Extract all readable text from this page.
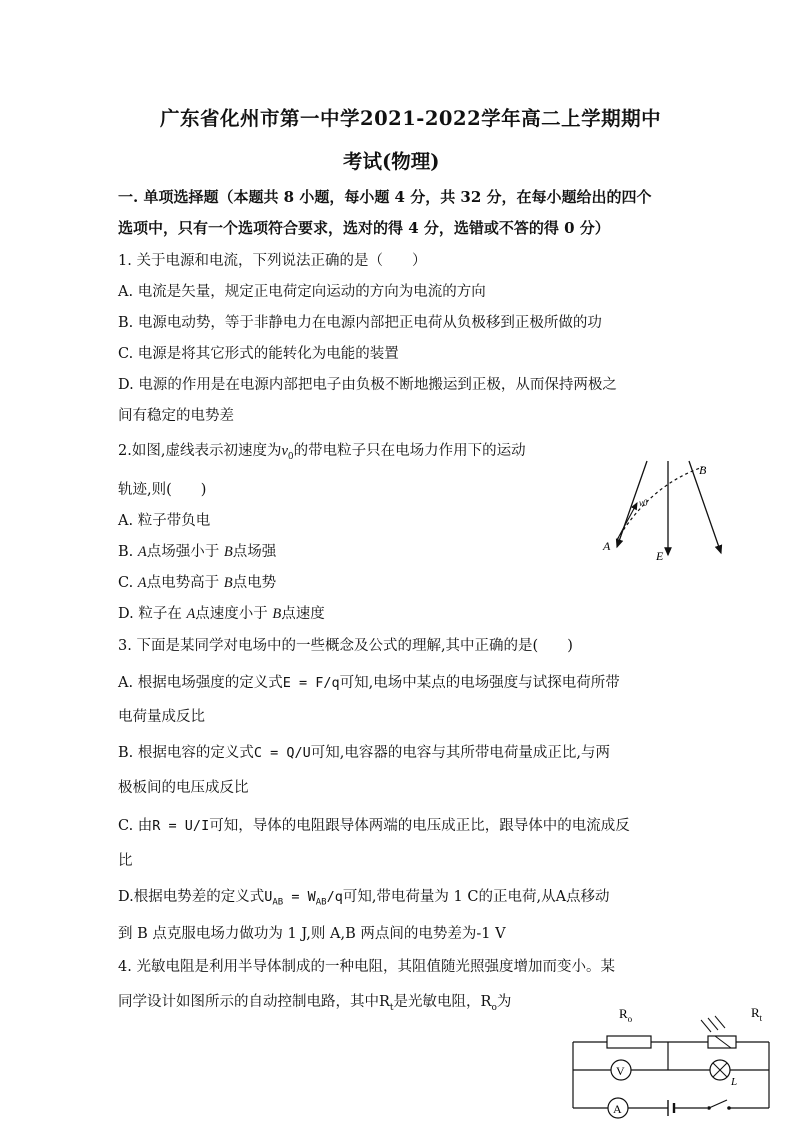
广东省化州市第一中学2021-2022学年高二上学期期中
考试(物理)
一. 单项选择题（本题共 8 小题，每小题 4 分，共 32 分，在每小题给出的四个
选项中，只有一个选项符合要求，选对的得 4 分，选错或不答的得 0 分）
1. 关于电源和电流，下列说法正确的是（　　）
A. 电流是矢量，规定正电荷定向运动的方向为电流的方向
B. 电源电动势，等于非静电力在电源内部把正电荷从负极移到正极所做的功
C. 电源是将其它形式的能转化为电能的装置
D. 电源的作用是在电源内部把电子由负极不断地搬运到正极，从而保持两极之
间有稳定的电势差
2.如图,虚线表示初速度为$v_0$的带电粒子只在电场力作用下的运动
轨迹,则(　　)
A. 粒子带负电
B. A点场强小于 B点场强
C. A点电势高于 B点电势
D. 粒子在 A点速度小于 B点速度
A
B
E
v0
3. 下面是某同学对电场中的一些概念及公式的理解,其中正确的是(　　)
A. 根据电场强度的定义式E = F/q可知,电场中某点的电场强度与试探电荷所带
电荷量成反比
B. 根据电容的定义式C = Q/U可知,电容器的电容与其所带电荷量成正比,与两
极板间的电压成反比
C. 由R = U/I可知，导体的电阻跟导体两端的电压成正比，跟导体中的电流成反
比
D.根据电势差的定义式$U_{AB} = W_{AB}/q$可知,带电荷量为 1 C的正电荷,从A点移动
到 B 点克服电场力做功为 1 J,则 A,B 两点间的电势差为-1 V
4. 光敏电阻是利用半导体制成的一种电阻，其阻值随光照强度增加而变小。某
同学设计如图所示的自动控制电路，其中$R_t$是光敏电阻，$R_o$为
$R_o$	$R_t$
V
L
A
